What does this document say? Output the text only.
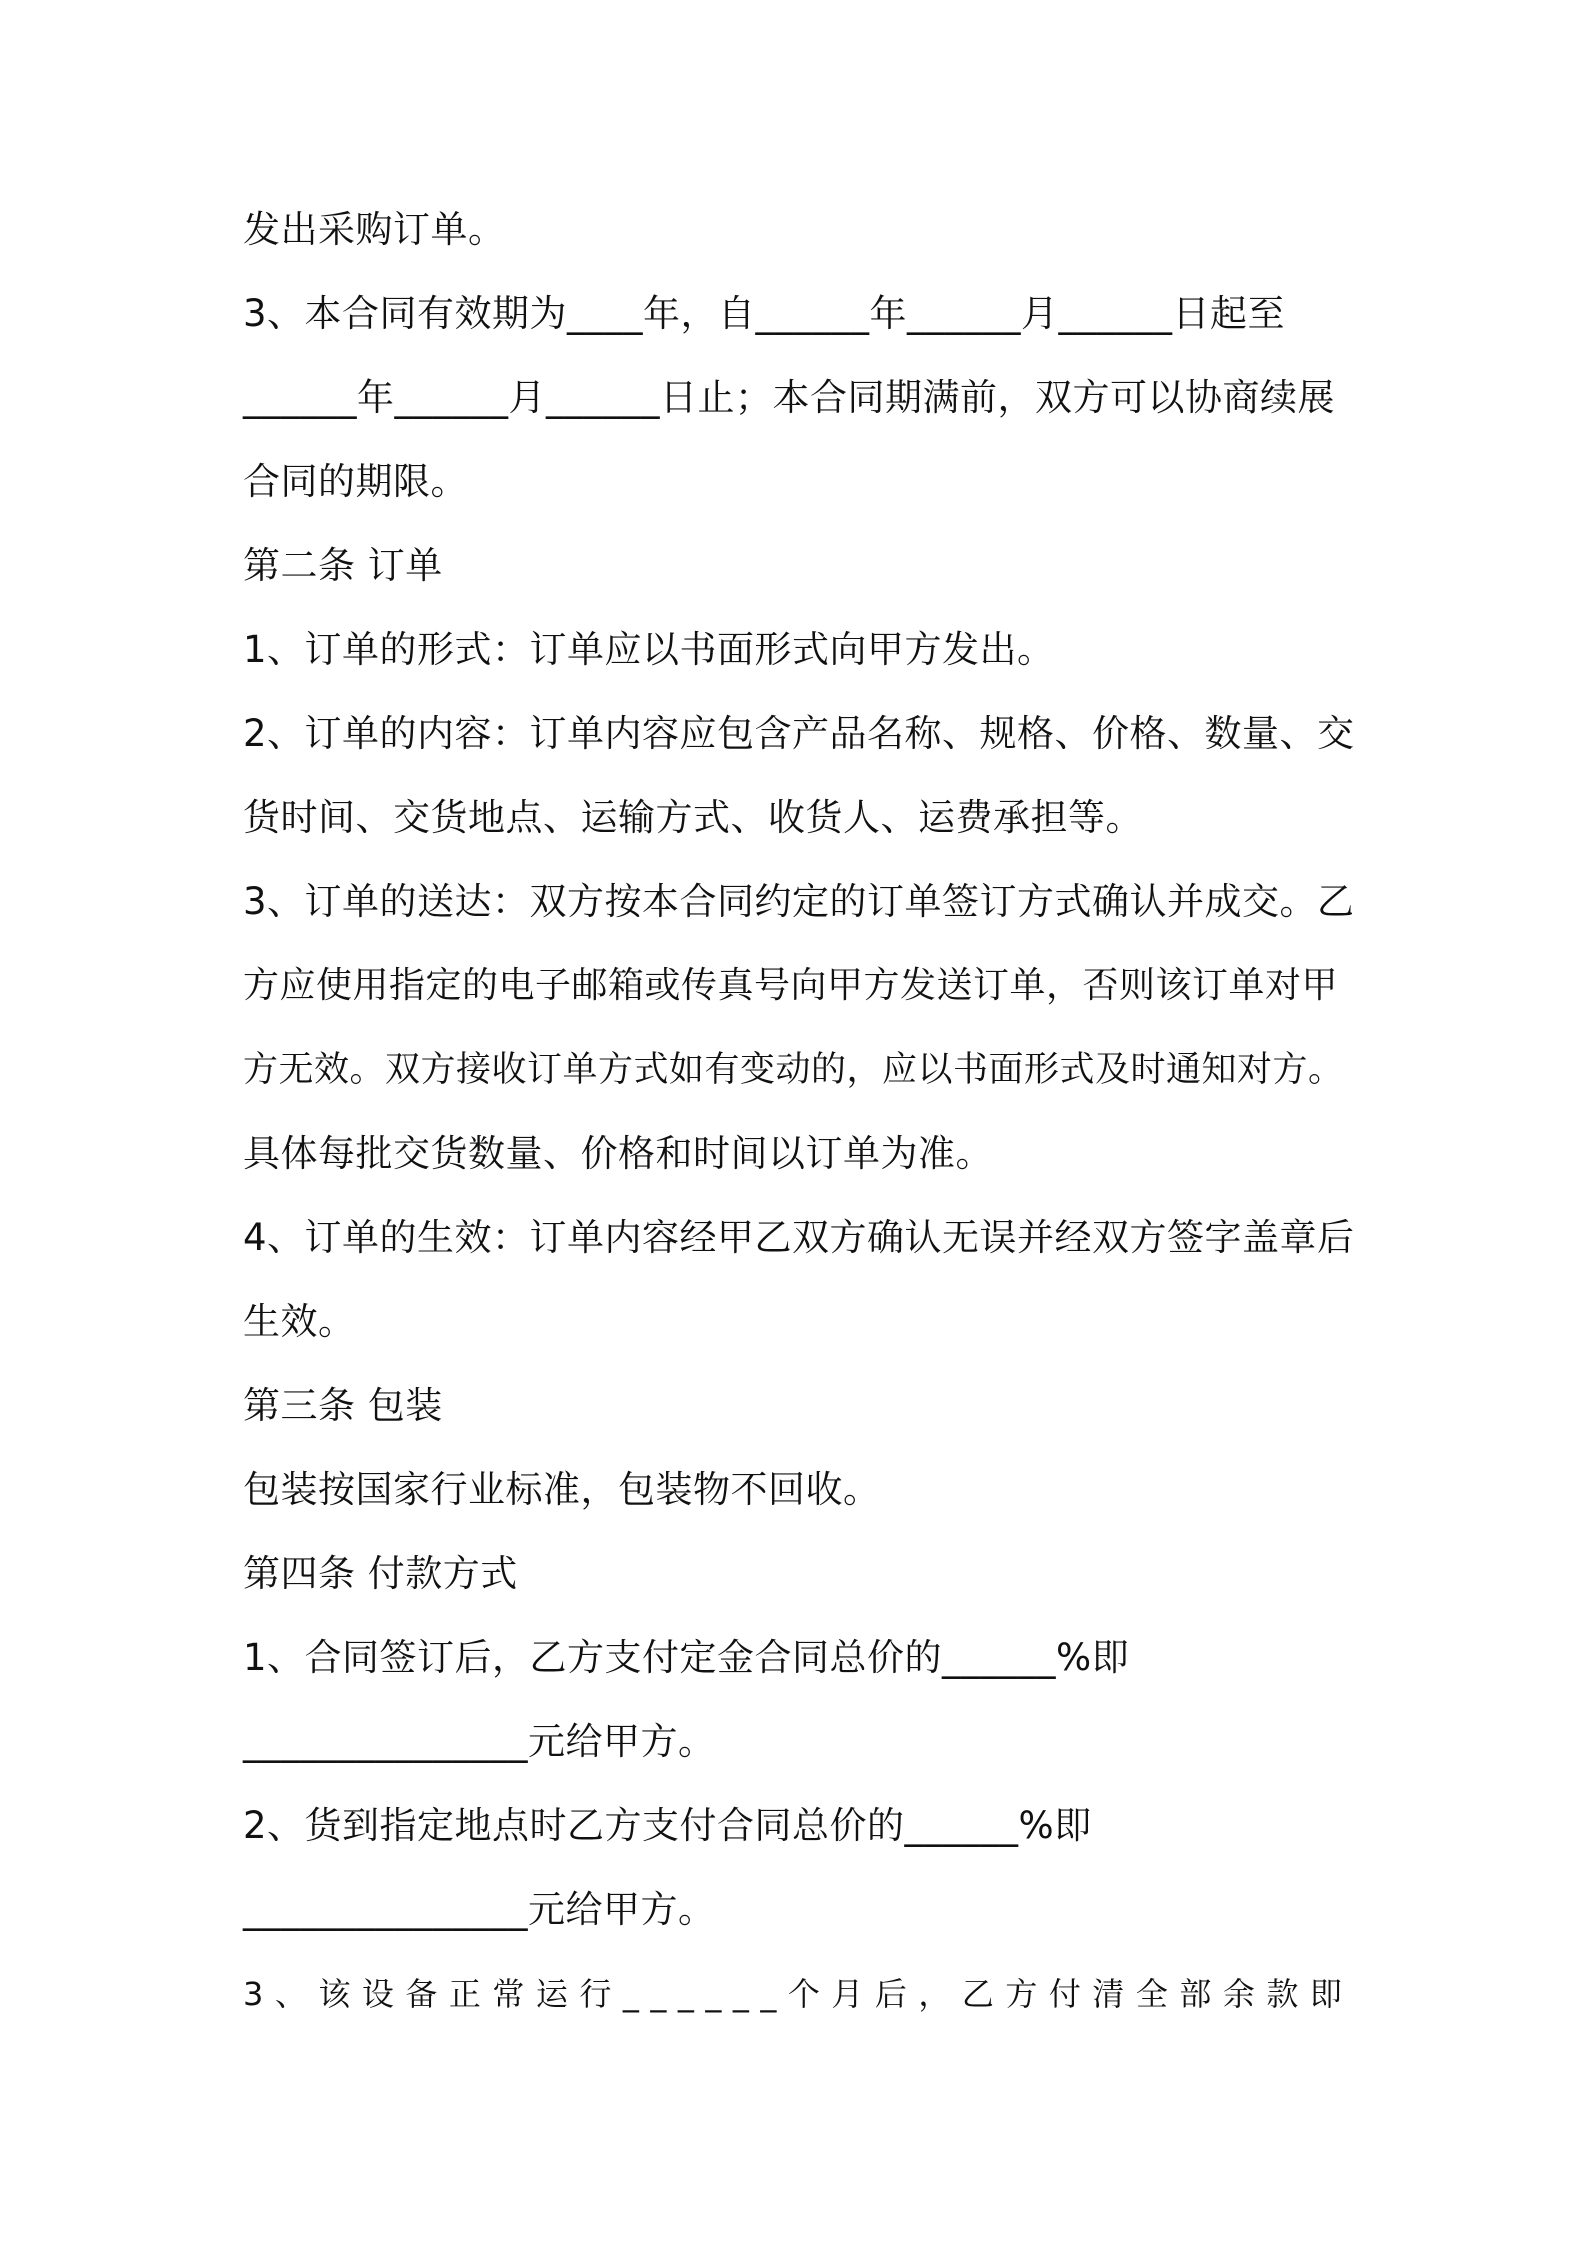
发出采购订单。
3、本合同有效期为____年，自______年______月______日起至
______年______月______日止；本合同期满前，双方可以协商续展
合同的期限。
第二条 订单
1、订单的形式：订单应以书面形式向甲方发出。
2、订单的内容：订单内容应包含产品名称、规格、价格、数量、交
货时间、交货地点、运输方式、收货人、运费承担等。
3、订单的送达：双方按本合同约定的订单签订方式确认并成交。乙
方应使用指定的电子邮箱或传真号向甲方发送订单，否则该订单对甲
方无效。双方接收订单方式如有变动的，应以书面形式及时通知对方。
具体每批交货数量、价格和时间以订单为准。
4、订单的生效：订单内容经甲乙双方确认无误并经双方签字盖章后
生效。
第三条 包装
包装按国家行业标准，包装物不回收。
第四条 付款方式
1、合同签订后，乙方支付定金合同总价的______%即
_______________元给甲方。
2、货到指定地点时乙方支付合同总价的______%即
_______________元给甲方。
3、该设备正常运行______个月后，乙方付清全部余款即
